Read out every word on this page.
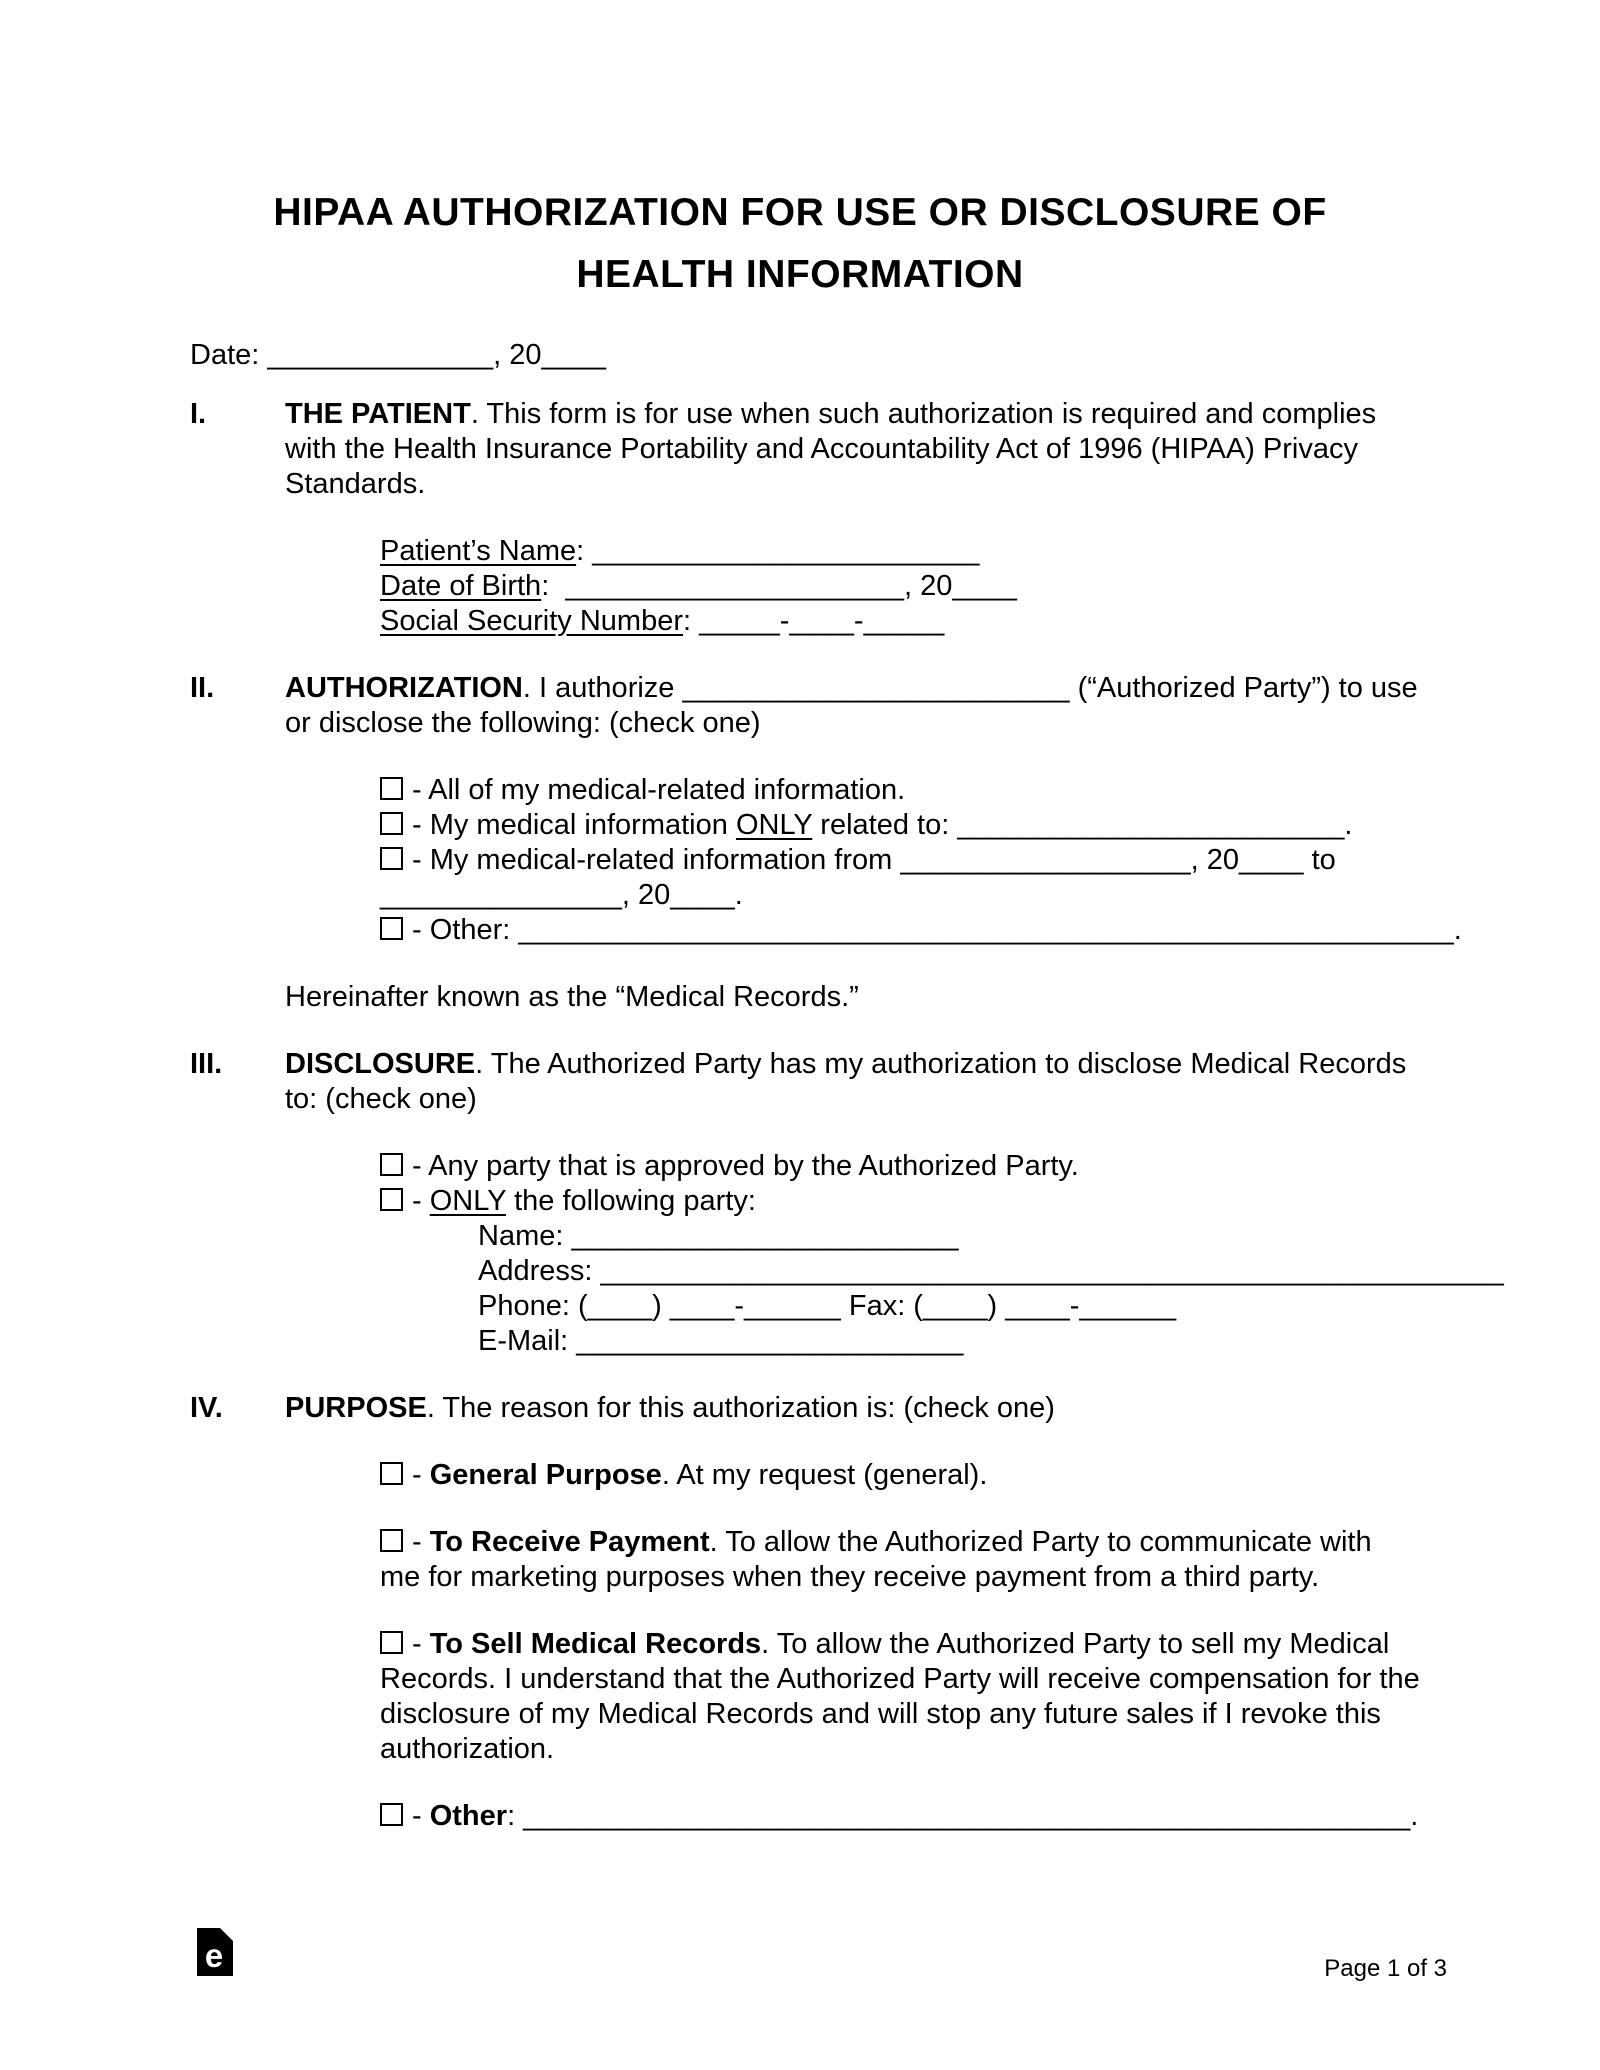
HIPAA AUTHORIZATION FOR USE OR DISCLOSURE OF
HEALTH INFORMATION
Date: ______________, 20____
I.	THE PATIENT. This form is for use when such authorization is required and complies
with the Health Insurance Portability and Accountability Act of 1996 (HIPAA) Privacy
Standards.
Patient’s Name: ________________________
Date of Birth:  _____________________, 20____
Social Security Number: _____-____-_____
II.	AUTHORIZATION. I authorize ________________________ (“Authorized Party”) to use
or disclose the following: (check one)
- All of my medical-related information.
- My medical information ONLY related to: ________________________.
- My medical-related information from __________________, 20____ to
_______________, 20____.
- Other: __________________________________________________________.
Hereinafter known as the “Medical Records.”
III.	DISCLOSURE. The Authorized Party has my authorization to disclose Medical Records
to: (check one)
- Any party that is approved by the Authorized Party.
- ONLY the following party:
Name: ________________________
Address: ________________________________________________________
Phone: (____) ____-______ Fax: (____) ____-______
E-Mail: ________________________
IV.	PURPOSE. The reason for this authorization is: (check one)
- General Purpose. At my request (general).
- To Receive Payment. To allow the Authorized Party to communicate with
me for marketing purposes when they receive payment from a third party.
- To Sell Medical Records. To allow the Authorized Party to sell my Medical
Records. I understand that the Authorized Party will receive compensation for the
disclosure of my Medical Records and will stop any future sales if I revoke this
authorization.
- Other: _______________________________________________________.
e	Page 1 of 3
